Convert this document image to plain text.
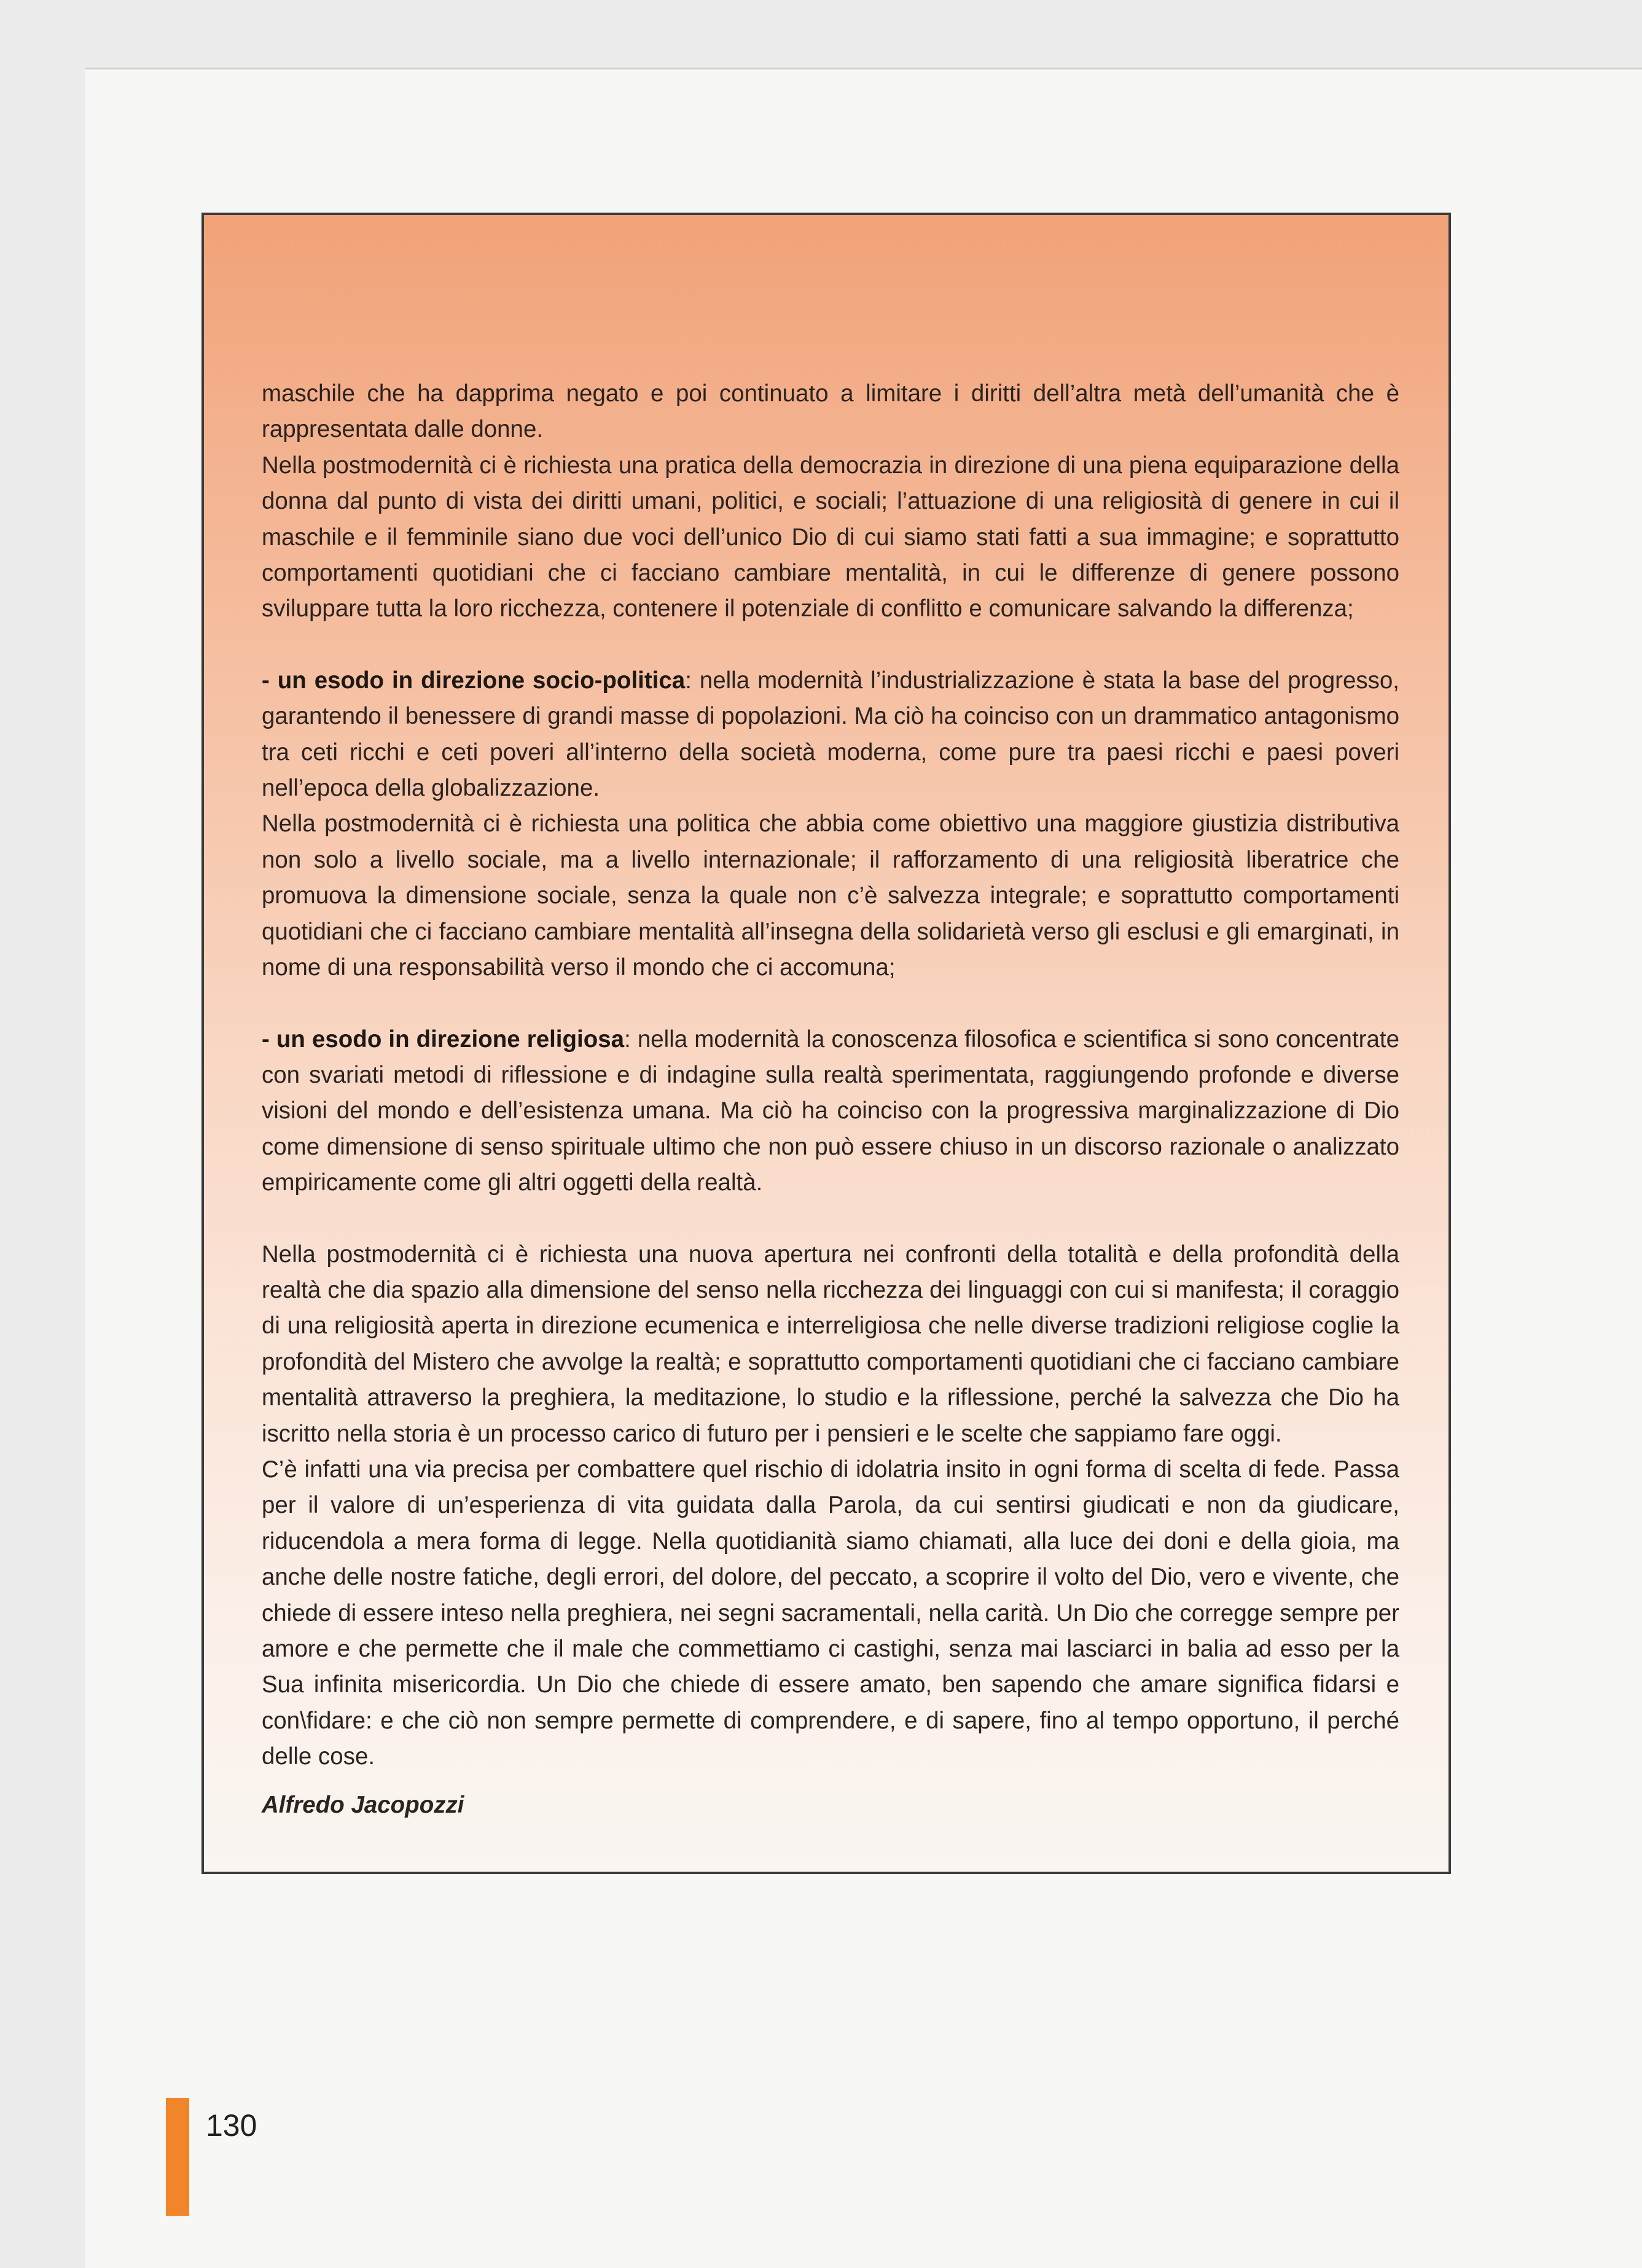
maschile che ha dapprima negato e poi continuato a limitare i diritti dell’altra metà dell’umanità che è rappresentata dalle donne.

Nella postmodernità ci è richiesta una pratica della democrazia in direzione di una piena equiparazione della donna dal punto di vista dei diritti umani, politici, e sociali; l’attuazione di una religiosità di genere in cui il maschile e il femminile siano due voci dell’unico Dio di cui siamo stati fatti a sua immagine; e soprattutto comportamenti quotidiani che ci facciano cambiare mentalità, in cui le differenze di genere possono sviluppare tutta la loro ricchezza, contenere il potenziale di conflitto e comunicare salvando la differenza;

- un esodo in direzione socio-politica: nella modernità l’industrializzazione è stata la base del progresso, garantendo il benessere di grandi masse di popolazioni. Ma ciò ha coinciso con un drammatico antagonismo tra ceti ricchi e ceti poveri all’interno della società moderna, come pure tra paesi ricchi e paesi poveri nell’epoca della globalizzazione.

Nella postmodernità ci è richiesta una politica che abbia come obiettivo una maggiore giustizia distributiva non solo a livello sociale, ma a livello internazionale; il rafforzamento di una religiosità liberatrice che promuova la dimensione sociale, senza la quale non c’è salvezza integrale; e soprattutto comportamenti quotidiani che ci facciano cambiare mentalità all’insegna della solidarietà verso gli esclusi e gli emarginati, in nome di una responsabilità verso il mondo che ci accomuna;

- un esodo in direzione religiosa: nella modernità la conoscenza filosofica e scientifica si sono concentrate con svariati metodi di riflessione e di indagine sulla realtà sperimentata, raggiungendo profonde e diverse visioni del mondo e dell’esistenza umana. Ma ciò ha coinciso con la progressiva marginalizzazione di Dio come dimensione di senso spirituale ultimo che non può essere chiuso in un discorso razionale o analizzato empiricamente come gli altri oggetti della realtà.

Nella postmodernità ci è richiesta una nuova apertura nei confronti della totalità e della profondità della realtà che dia spazio alla dimensione del senso nella ricchezza dei linguaggi con cui si manifesta; il coraggio di una religiosità aperta in direzione ecumenica e interreligiosa che nelle diverse tradizioni religiose coglie la profondità del Mistero che avvolge la realtà; e soprattutto comportamenti quotidiani che ci facciano cambiare mentalità attraverso la preghiera, la meditazione, lo studio e la riflessione, perché la salvezza che Dio ha iscritto nella storia è un processo carico di futuro per i pensieri e le scelte che sappiamo fare oggi.

C’è infatti una via precisa per combattere quel rischio di idolatria insito in ogni forma di scelta di fede. Passa per il valore di un’esperienza di vita guidata dalla Parola, da cui sentirsi giudicati e non da giudicare, riducendola a mera forma di legge. Nella quotidianità siamo chiamati, alla luce dei doni e della gioia, ma anche delle nostre fatiche, degli errori, del dolore, del peccato, a scoprire il volto del Dio, vero e vivente, che chiede di essere inteso nella preghiera, nei segni sacramentali, nella carità. Un Dio che corregge sempre per amore e che permette che il male che commettiamo ci castighi, senza mai lasciarci in balia ad esso per la Sua infinita misericordia. Un Dio che chiede di essere amato, ben sapendo che amare significa fidarsi e con\fidare: e che ciò non sempre permette di comprendere, e di sapere, fino al tempo opportuno, il perché delle cose.

Alfredo Jacopozzi

130
